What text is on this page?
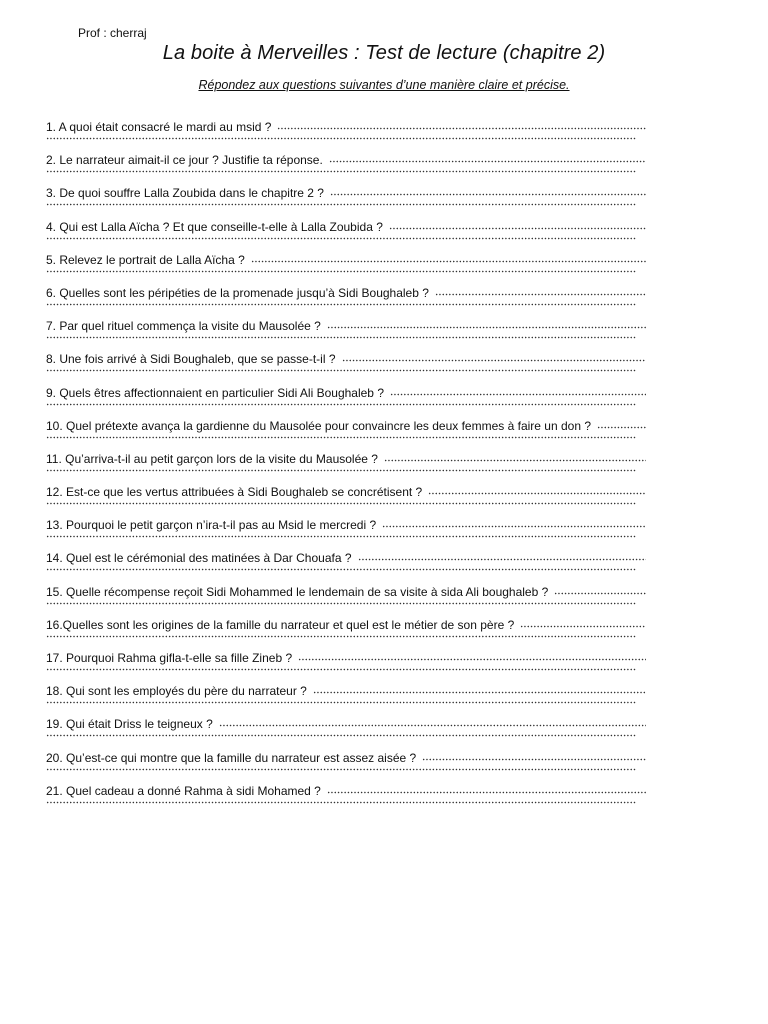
Prof : cherraj
La boite à Merveilles : Test de lecture (chapitre 2)
Répondez aux questions suivantes d’une manière claire et précise.
1. A quoi était consacré le mardi au msid ?
2. Le narrateur aimait-il ce jour ? Justifie ta réponse.
3. De quoi souffre Lalla Zoubida dans le chapitre 2 ?
4. Qui est Lalla Aïcha ? Et que conseille-t-elle à Lalla Zoubida ?
5. Relevez le portrait de Lalla Aïcha ?
6. Quelles sont les péripéties de la promenade jusqu’à Sidi Boughaleb ?
7. Par quel rituel commença la visite du Mausolée ?
8. Une fois arrivé à Sidi Boughaleb, que se passe-t-il ?
9. Quels êtres affectionnaient en particulier Sidi Ali Boughaleb ?
10. Quel prétexte avança la gardienne du Mausolée pour convaincre les deux femmes à faire un don ?
11. Qu’arriva-t-il au petit garçon lors de la visite du Mausolée ?
12. Est-ce que les vertus attribuées à Sidi Boughaleb se concrétisent ?
13. Pourquoi le petit garçon n’ira-t-il pas au Msid le mercredi ?
14. Quel est le cérémonial des matinées à Dar Chouafa ?
15. Quelle récompense reçoit Sidi Mohammed le lendemain de sa visite à sida Ali boughaleb ?
16.Quelles sont les origines de la famille du narrateur et quel est le métier de son père ?
17. Pourquoi Rahma gifla-t-elle sa fille Zineb ?
18. Qui sont les employés du père du narrateur ?
19. Qui était Driss le teigneux ?
20. Qu’est-ce qui montre que la famille du narrateur est assez aisée ?
21. Quel cadeau a donné Rahma à sidi Mohamed ?
